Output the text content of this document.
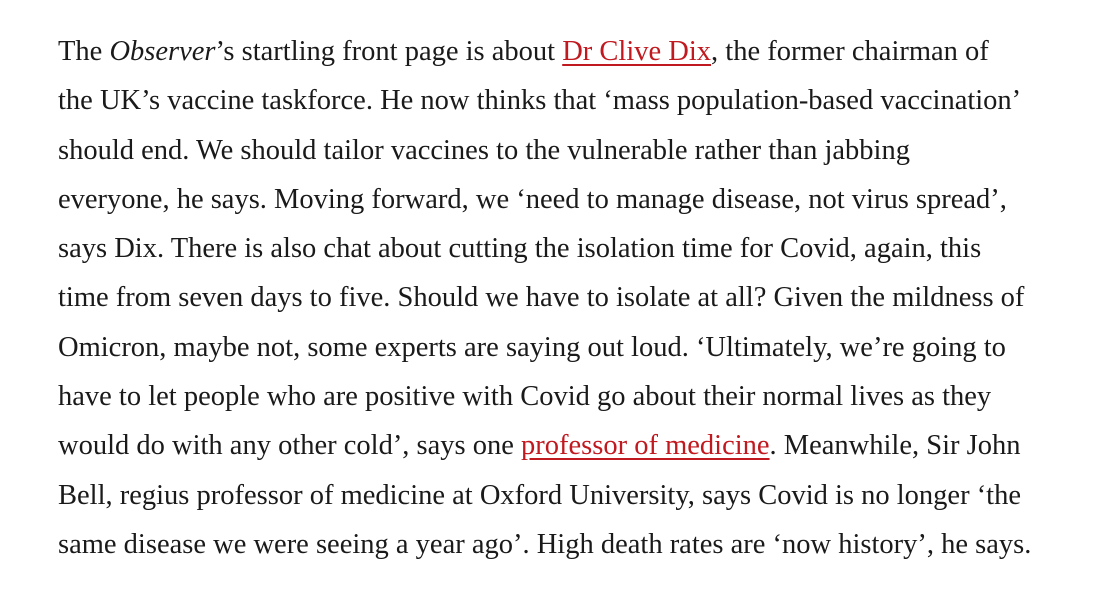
The Observer’s startling front page is about Dr Clive Dix, the former chairman of
the UK’s vaccine taskforce. He now thinks that ‘mass population-based vaccination’
should end. We should tailor vaccines to the vulnerable rather than jabbing
everyone, he says. Moving forward, we ‘need to manage disease, not virus spread’,
says Dix. There is also chat about cutting the isolation time for Covid, again, this
time from seven days to five. Should we have to isolate at all? Given the mildness of
Omicron, maybe not, some experts are saying out loud. ‘Ultimately, we’re going to
have to let people who are positive with Covid go about their normal lives as they
would do with any other cold’, says one professor of medicine. Meanwhile, Sir John
Bell, regius professor of medicine at Oxford University, says Covid is no longer ‘the
same disease we were seeing a year ago’. High death rates are ‘now history’, he says.
